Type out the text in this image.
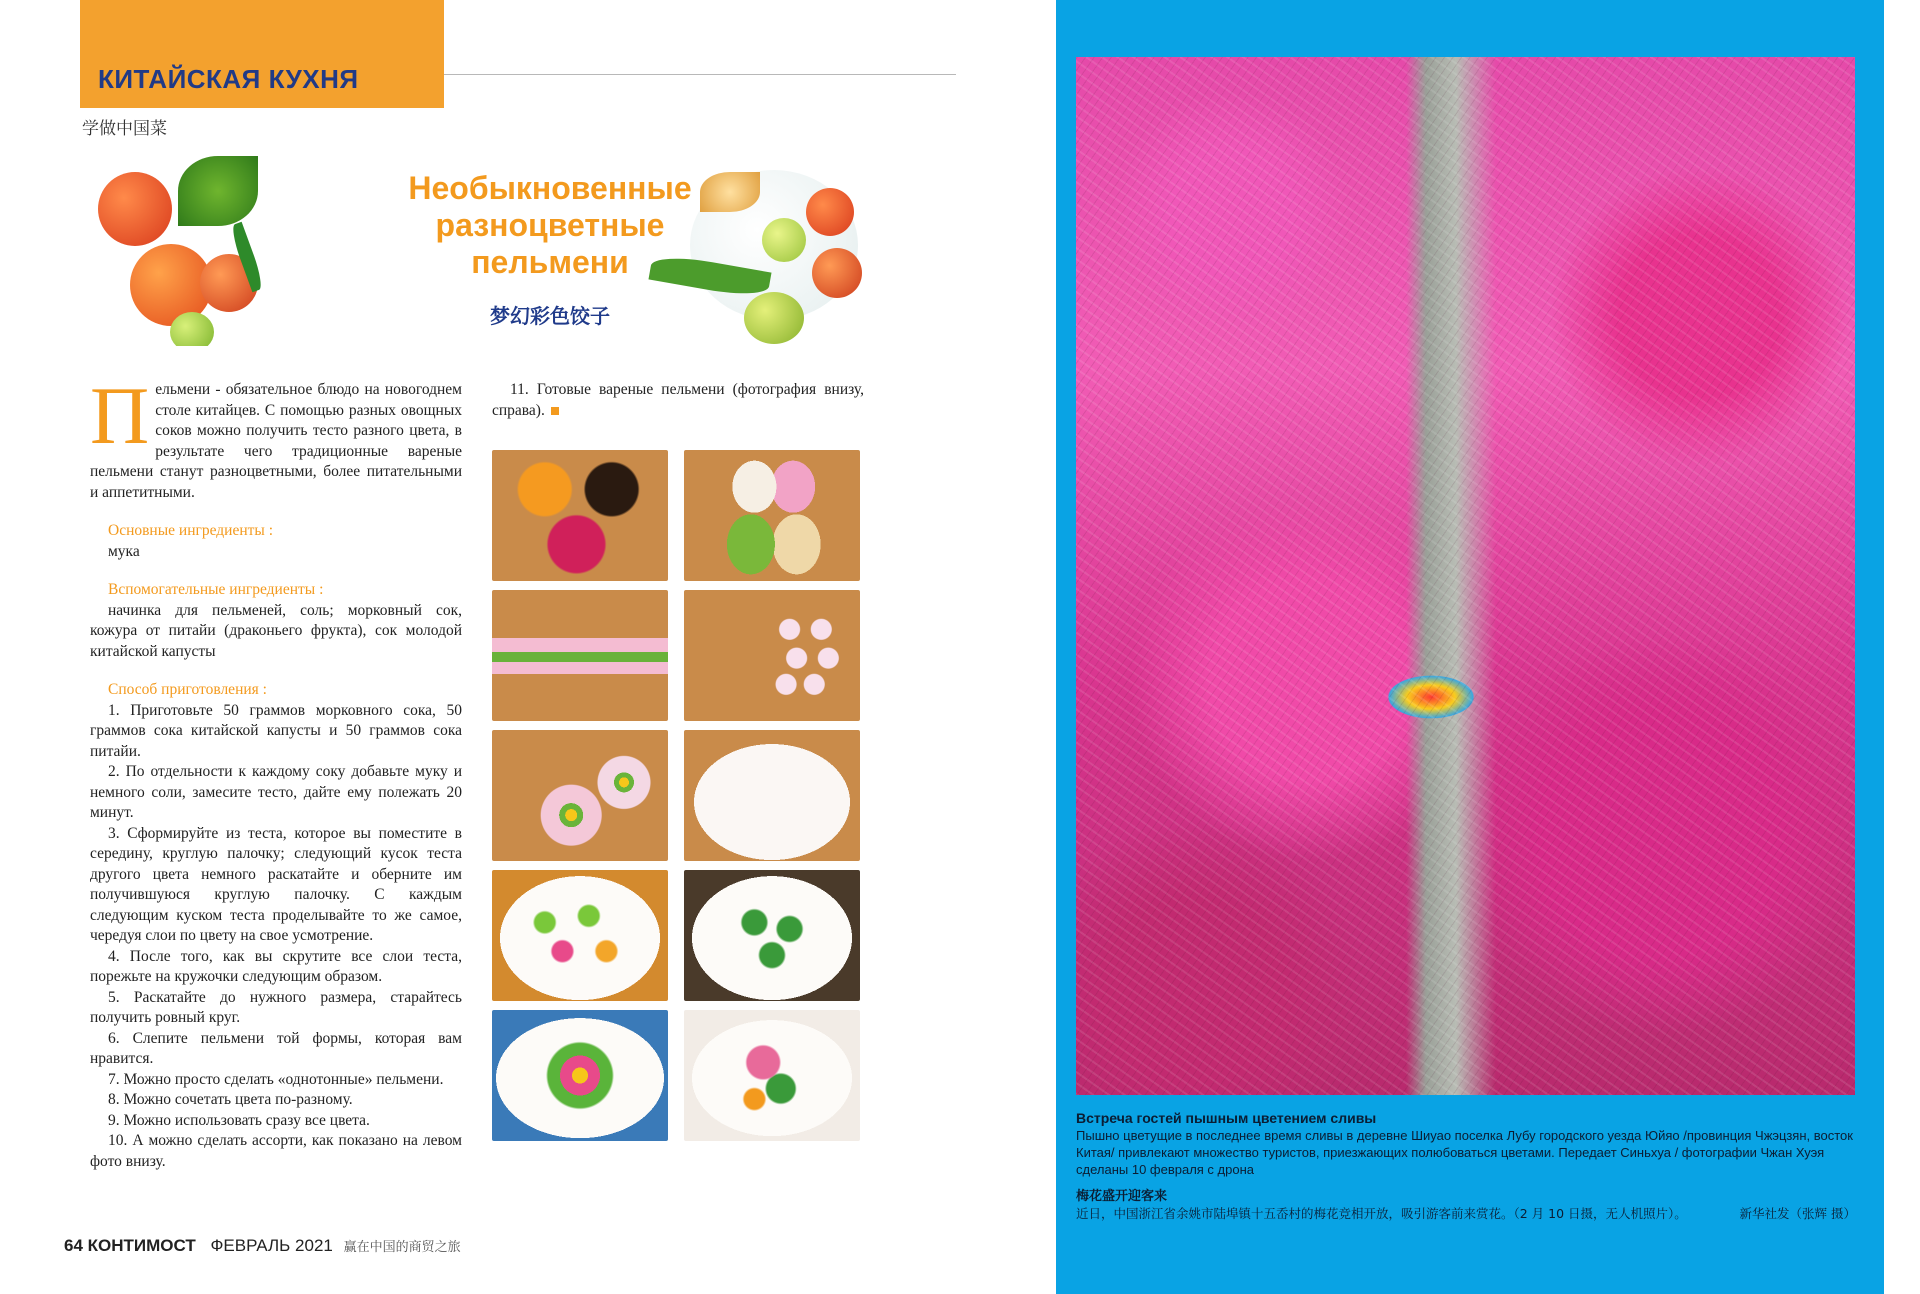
КИТАЙСКАЯ КУХНЯ
学做中国菜
Необыкновенные
разноцветные
пельмени
梦幻彩色饺子

Пельмени - обязательное блюдо на новогоднем столе китайцев. С помощью разных овощных соков можно получить тесто разного цвета, в результате чего традиционные вареные пельмени станут разноцветными, более питательными и аппетитными.

Основные ингредиенты :
мука
Вспомогательные ингредиенты :
начинка для пельменей, соль; морковный сок, кожура от питайи (драконьего фрукта), сок молодой китайской капусты
Способ приготовления :
1. Приготовьте 50 граммов морковного сока, 50 граммов сока китайской капусты и 50 граммов сока питайи.
2. По отдельности к каждому соку добавьте муку и немного соли, замесите тесто, дайте ему полежать 20 минут.
3. Сформируйте из теста, которое вы поместите в середину, круглую палочку; следующий кусок теста другого цвета немного раскатайте и оберните им получившуюся круглую палочку. С каждым следующим куском теста проделывайте то же самое, чередуя слои по цвету на свое усмотрение.
4. После того, как вы скрутите все слои теста, порежьте на кружочки следующим образом.
5. Раскатайте до нужного размера, старайтесь получить ровный круг.
6. Слепите пельмени той формы, которая вам нравится.
7. Можно просто сделать «однотонные» пельмени.
8. Можно сочетать цвета по-разному.
9. Можно использовать сразу все цвета.
10. А можно сделать ассорти, как показано на левом фото внизу.
11. Готовые вареные пельмени (фотография внизу, справа).
64 КОНТИМОСТ ФЕВРАЛЬ 2021 赢在中国的商贸之旅
Встреча гостей пышным цветением сливы
Пышно цветущие в последнее время сливы в деревне Шиуао поселка Лубу городского уезда Юйяо /провинция Чжэцзян, восток Китая/ привлекают множество туристов, приезжающих полюбоваться цветами. Передает Синьхуа / фотографии Чжан Хуэя сделаны 10 февраля с дрона
梅花盛开迎客来
近日，中国浙江省余姚市陆埠镇十五岙村的梅花竞相开放，吸引游客前来赏花。（2 月 10 日摄，无人机照片）。	新华社发（张辉 摄）
